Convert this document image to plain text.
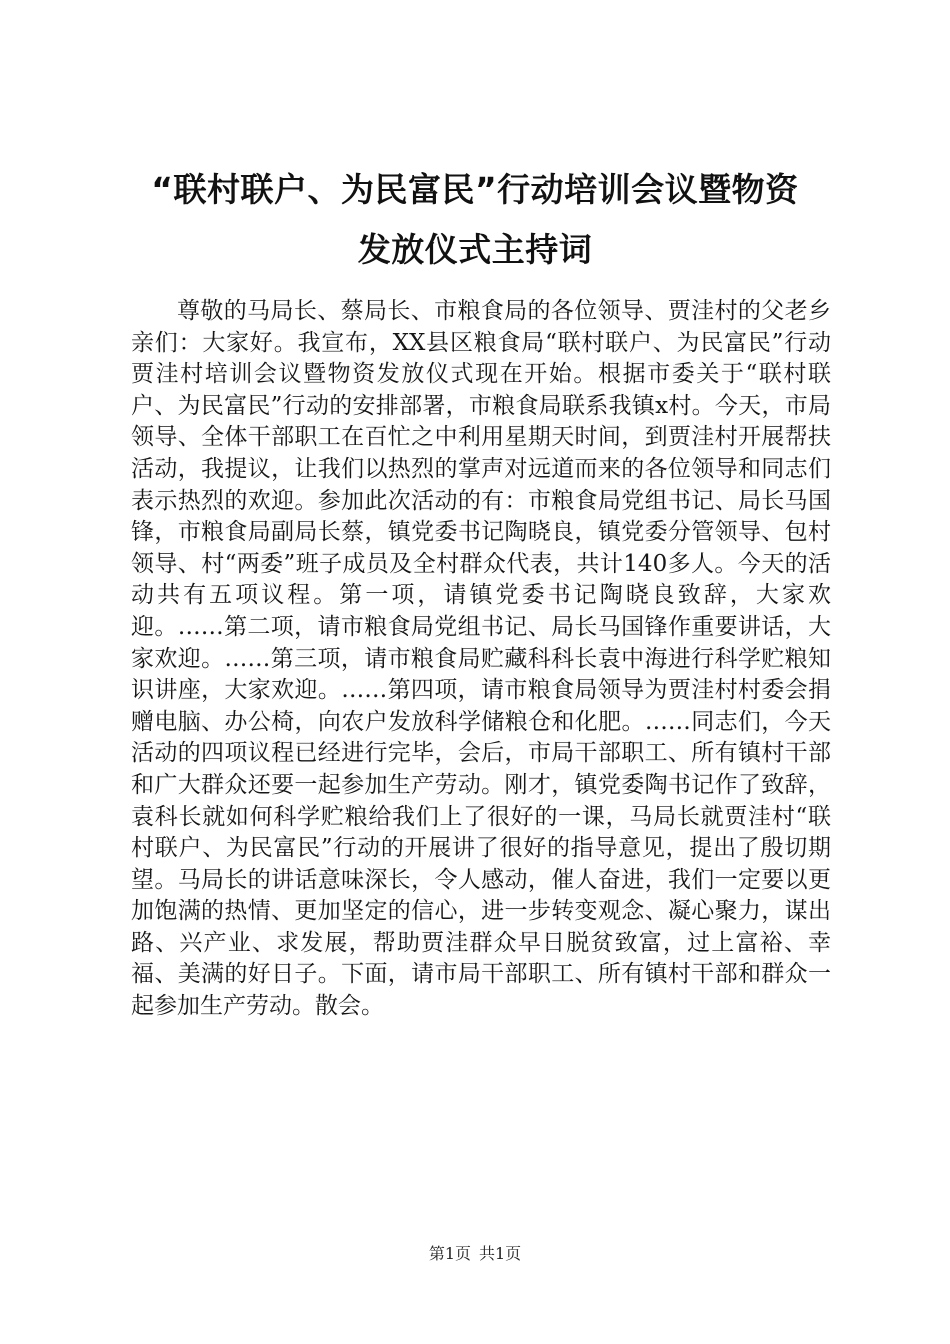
“联村联户、为民富民”行动培训会议暨物资
发放仪式主持词
尊敬的马局长、蔡局长、市粮食局的各位领导、贾洼村的父老乡亲们：大家好。我宣布，XX县区粮食局“联村联户、为民富民”行动贾洼村培训会议暨物资发放仪式现在开始。根据市委关于“联村联户、为民富民”行动的安排部署，市粮食局联系我镇x村。今天，市局领导、全体干部职工在百忙之中利用星期天时间，到贾洼村开展帮扶活动，我提议，让我们以热烈的掌声对远道而来的各位领导和同志们表示热烈的欢迎。参加此次活动的有：市粮食局党组书记、局长马国锋，市粮食局副局长蔡，镇党委书记陶晓良，镇党委分管领导、包村领导、村“两委”班子成员及全村群众代表，共计140多人。今天的活动共有五项议程。第一项，请镇党委书记陶晓良致辞，大家欢迎。……第二项，请市粮食局党组书记、局长马国锋作重要讲话，大家欢迎。……第三项，请市粮食局贮藏科科长袁中海进行科学贮粮知识讲座，大家欢迎。……第四项，请市粮食局领导为贾洼村村委会捐赠电脑、办公椅，向农户发放科学储粮仓和化肥。……同志们，今天活动的四项议程已经进行完毕，会后，市局干部职工、所有镇村干部和广大群众还要一起参加生产劳动。刚才，镇党委陶书记作了致辞，袁科长就如何科学贮粮给我们上了很好的一课，马局长就贾洼村“联村联户、为民富民”行动的开展讲了很好的指导意见，提出了殷切期望。马局长的讲话意味深长，令人感动，催人奋进，我们一定要以更加饱满的热情、更加坚定的信心，进一步转变观念、凝心聚力，谋出路、兴产业、求发展，帮助贾洼群众早日脱贫致富，过上富裕、幸福、美满的好日子。下面，请市局干部职工、所有镇村干部和群众一起参加生产劳动。散会。
第1页 共1页
